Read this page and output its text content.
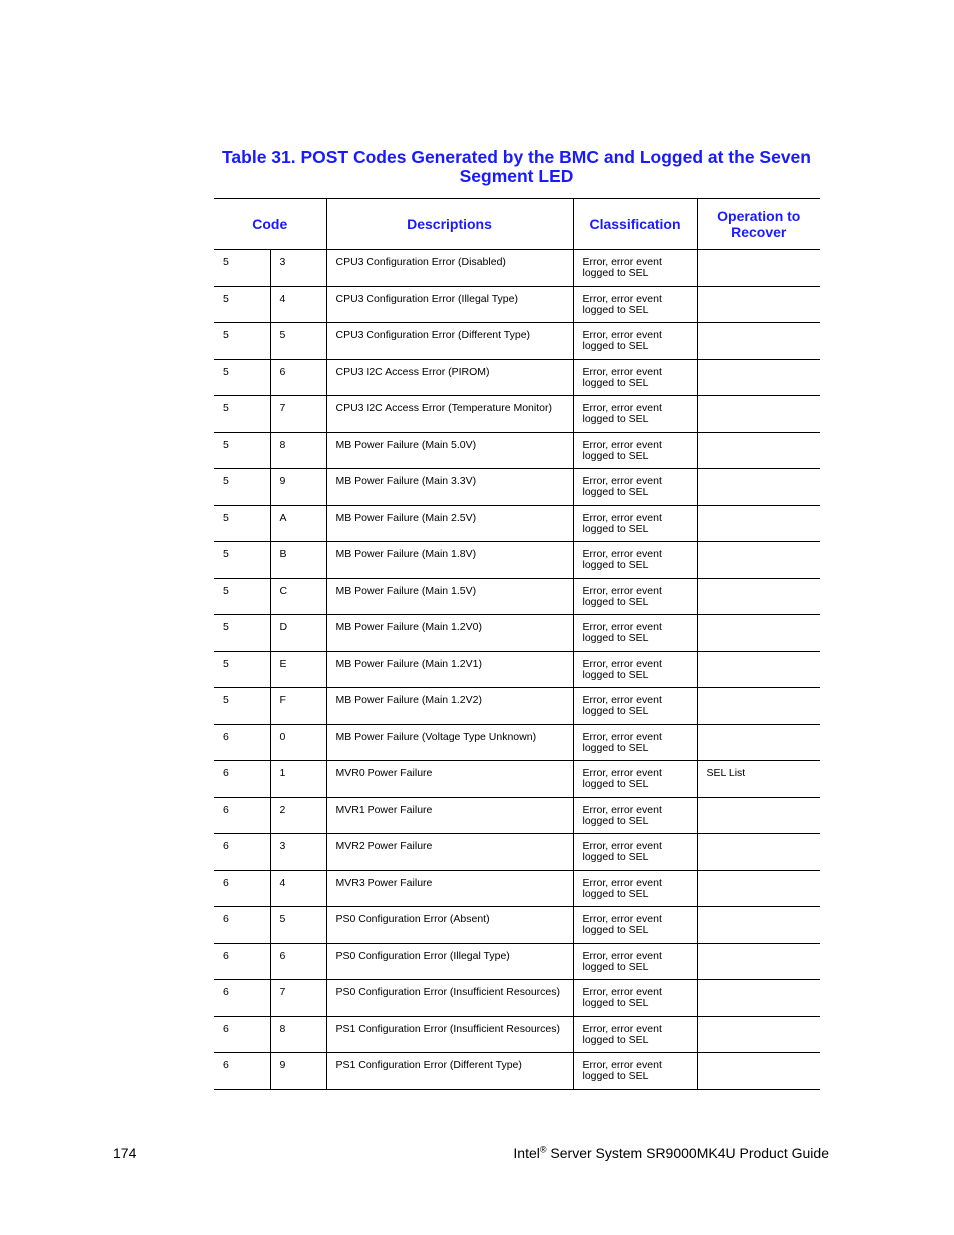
Table 31. POST Codes Generated by the BMC and Logged at the Seven
Segment LED
Code		Descriptions	Classification	Operation to
Recover

5	3	CPU3 Configuration Error (Disabled)	Error, error event
logged to SEL	

5	4	CPU3 Configuration Error (Illegal Type)	Error, error event
logged to SEL	

5	5	CPU3 Configuration Error (Different Type)	Error, error event
logged to SEL	

5	6	CPU3 I2C Access Error (PIROM)	Error, error event
logged to SEL	

5	7	CPU3 I2C Access Error (Temperature Monitor)	Error, error event
logged to SEL	

5	8	MB Power Failure (Main 5.0V)	Error, error event
logged to SEL	

5	9	MB Power Failure (Main 3.3V)	Error, error event
logged to SEL	

5	A	MB Power Failure (Main 2.5V)	Error, error event
logged to SEL	

5	B	MB Power Failure (Main 1.8V)	Error, error event
logged to SEL	

5	C	MB Power Failure (Main 1.5V)	Error, error event
logged to SEL	

5	D	MB Power Failure (Main 1.2V0)	Error, error event
logged to SEL	

5	E	MB Power Failure (Main 1.2V1)	Error, error event
logged to SEL	

5	F	MB Power Failure (Main 1.2V2)	Error, error event
logged to SEL	

6	0	MB Power Failure (Voltage Type Unknown)	Error, error event
logged to SEL	

6	1	MVR0 Power Failure	Error, error event
logged to SEL	SEL List
6	2	MVR1 Power Failure	Error, error event
logged to SEL	

6	3	MVR2 Power Failure	Error, error event
logged to SEL	

6	4	MVR3 Power Failure	Error, error event
logged to SEL	

6	5	PS0 Configuration Error (Absent)	Error, error event
logged to SEL	

6	6	PS0 Configuration Error (Illegal Type)	Error, error event
logged to SEL	

6	7	PS0 Configuration Error (Insufficient Resources)	Error, error event
logged to SEL	

6	8	PS1 Configuration Error (Insufficient Resources)	Error, error event
logged to SEL	

6	9	PS1 Configuration Error (Different Type)	Error, error event
logged to SEL	

174	Intel® Server System SR9000MK4U Product Guide
